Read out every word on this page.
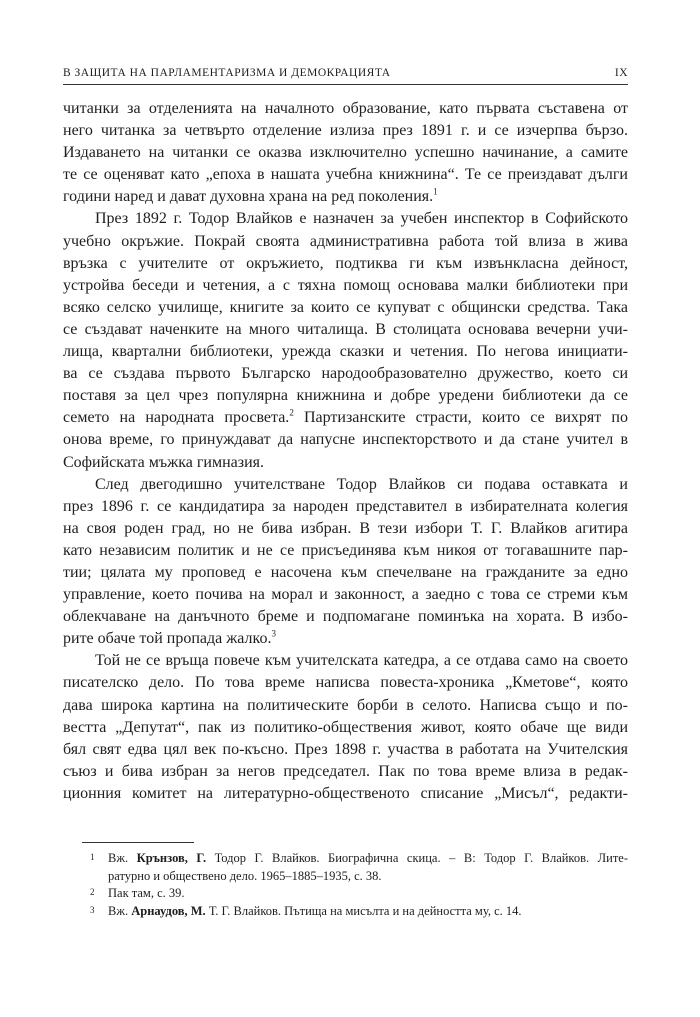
В ЗАЩИТА НА ПАРЛАМЕНТАРИЗМА И ДЕМОКРАЦИЯТА	IX
читанки за отделенията на началното образование, като първата съставена от
него читанка за четвърто отделение излиза през 1891 г. и се изчерпва бързо.
Издаването на читанки се оказва изключително успешно начинание, а самите
те се оценяват като „епоха в нашата учебна книжнина“. Те се преиздават дълги
години наред и дават духовна храна на ред поколения.$^1$
През 1892 г. Тодор Влайков е назначен за учебен инспектор в Софийското
учебно окръжие. Покрай своята административна работа той влиза в жива
връзка с учителите от окръжието, подтиква ги към извънкласна дейност,
устройва беседи и четения, а с тяхна помощ основава малки библиотеки при
всяко селско училище, книгите за които се купуват с общински средства. Така
се създават наченките на много читалища. В столицата основава вечерни учи-
лища, квартални библиотеки, урежда сказки и четения. По негова инициати-
ва се създава първото Българско народообразователно дружество, което си
поставя за цел чрез популярна книжнина и добре уредени библиотеки да се
семето на народната просвета.$^2$ Партизанските страсти, които се вихрят по
онова време, го принуждават да напусне инспекторството и да стане учител в
Софийската мъжка гимназия.
След двегодишно учителстване Тодор Влайков си подава оставката и
през 1896 г. се кандидатира за народен представител в избирателната колегия
на своя роден град, но не бива избран. В тези избори Т. Г. Влайков агитира
като независим политик и не се присъединява към никоя от тогавашните пар-
тии; цялата му проповед е насочена към спечелване на гражданите за едно
управление, което почива на морал и законност, а заедно с това се стреми към
облекчаване на данъчното бреме и подпомагане поминъка на хората. В избо-
рите обаче той пропада жалко.$^3$
Той не се връща повече към учителската катедра, а се отдава само на своето
писателско дело. По това време написва повеста-хроника „Кметове“, която
дава широка картина на политическите борби в селото. Написва също и по-
вестта „Депутат“, пак из политико-обществения живот, която обаче ще види
бял свят едва цял век по-късно. През 1898 г. участва в работата на Учителския
съюз и бива избран за негов председател. Пак по това време влиза в редак-
ционния комитет на литературно-общественото списание „Мисъл“, редакти-
1 Вж. Крънзов, Г. Тодор Г. Влайков. Биографична скица. – В: Тодор Г. Влайков. Лите-
ратурно и обществено дело. 1965–1885–1935, с. 38.
2 Пак там, с. 39.
3 Вж. Арнаудов, М. Т. Г. Влайков. Пътища на мисълта и на дейността му, с. 14.
